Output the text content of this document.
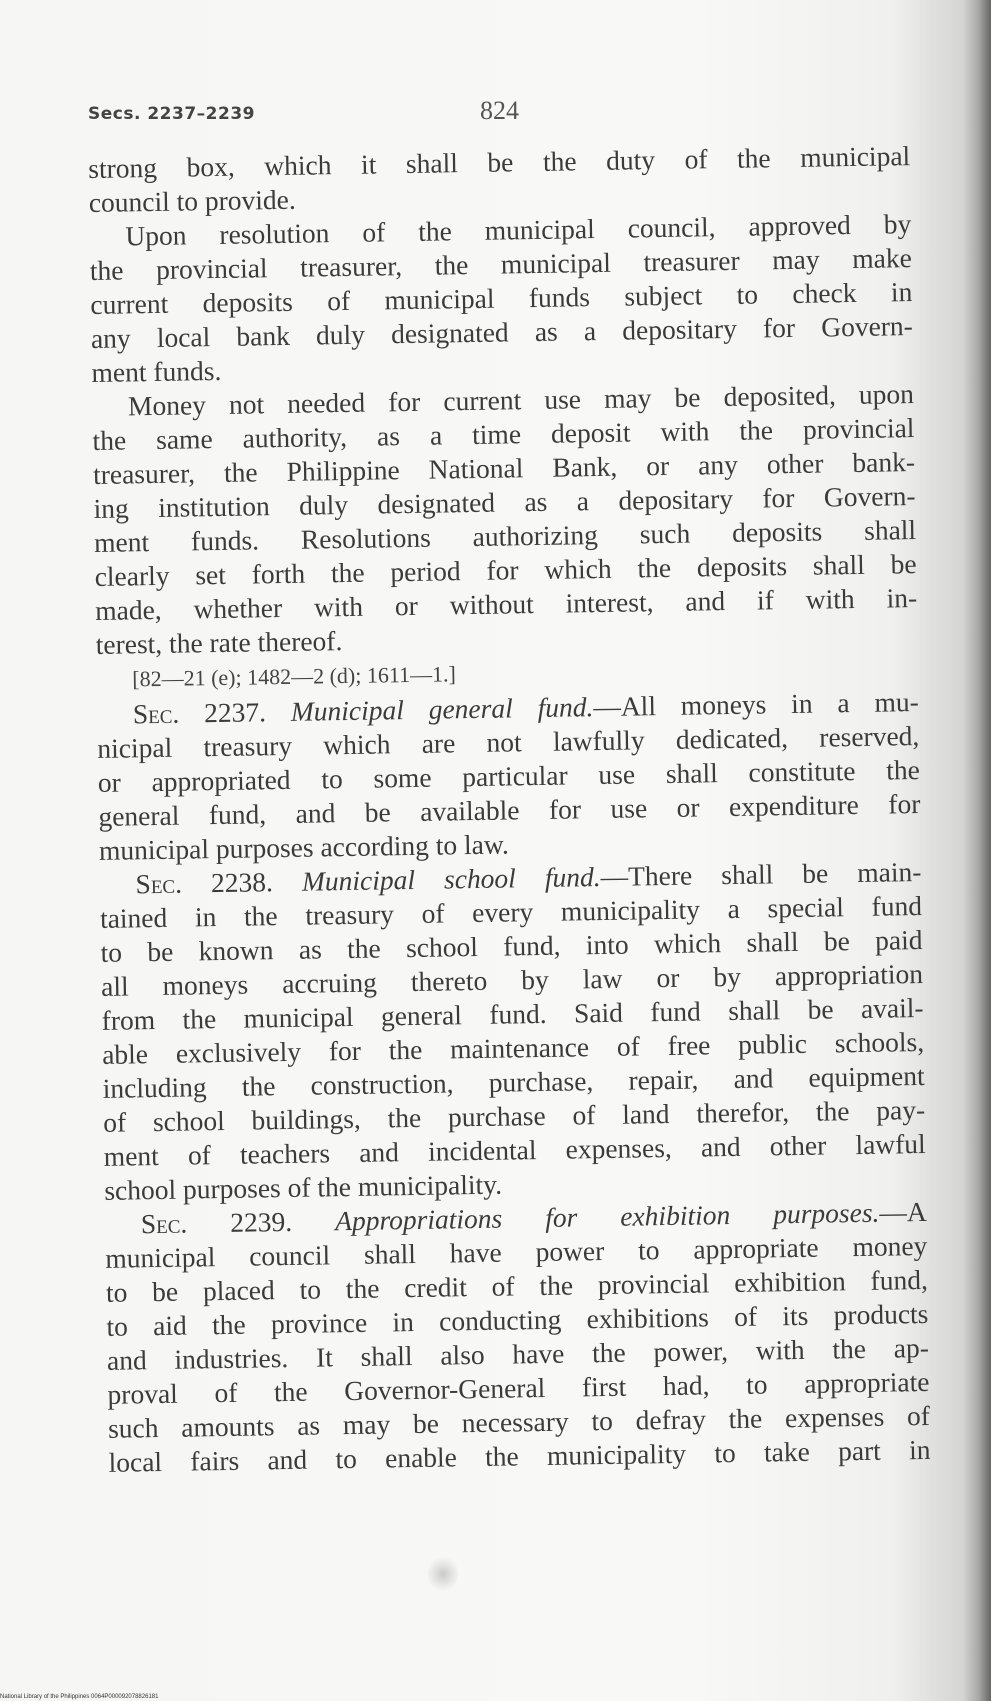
Secs. 2237–2239	824

strong box, which it shall be the duty of the municipal
council to provide.

Upon resolution of the municipal council, approved by
the provincial treasurer, the municipal treasurer may make
current deposits of municipal funds subject to check in
any local bank duly designated as a depositary for Govern-
ment funds.

Money not needed for current use may be deposited, upon
the same authority, as a time deposit with the provincial
treasurer, the Philippine National Bank, or any other bank-
ing institution duly designated as a depositary for Govern-
ment funds. Resolutions authorizing such deposits shall
clearly set forth the period for which the deposits shall be
made, whether with or without interest, and if with in-
terest, the rate thereof.

[82—21 (e); 1482—2 (d); 1611—1.]

Sec. 2237. Municipal general fund.—All moneys in a mu-
nicipal treasury which are not lawfully dedicated, reserved,
or appropriated to some particular use shall constitute the
general fund, and be available for use or expenditure for
municipal purposes according to law.

Sec. 2238. Municipal school fund.—There shall be main-
tained in the treasury of every municipality a special fund
to be known as the school fund, into which shall be paid
all moneys accruing thereto by law or by appropriation
from the municipal general fund. Said fund shall be avail-
able exclusively for the maintenance of free public schools,
including the construction, purchase, repair, and equipment
of school buildings, the purchase of land therefor, the pay-
ment of teachers and incidental expenses, and other lawful
school purposes of the municipality.

Sec. 2239. Appropriations for exhibition purposes.—A
municipal council shall have power to appropriate money
to be placed to the credit of the provincial exhibition fund,
to aid the province in conducting exhibitions of its products
and industries. It shall also have the power, with the ap-
proval of the Governor-General first had, to appropriate
such amounts as may be necessary to defray the expenses of
local fairs and to enable the municipality to take part in

National Library of the Philippines 0064P000092078826181
